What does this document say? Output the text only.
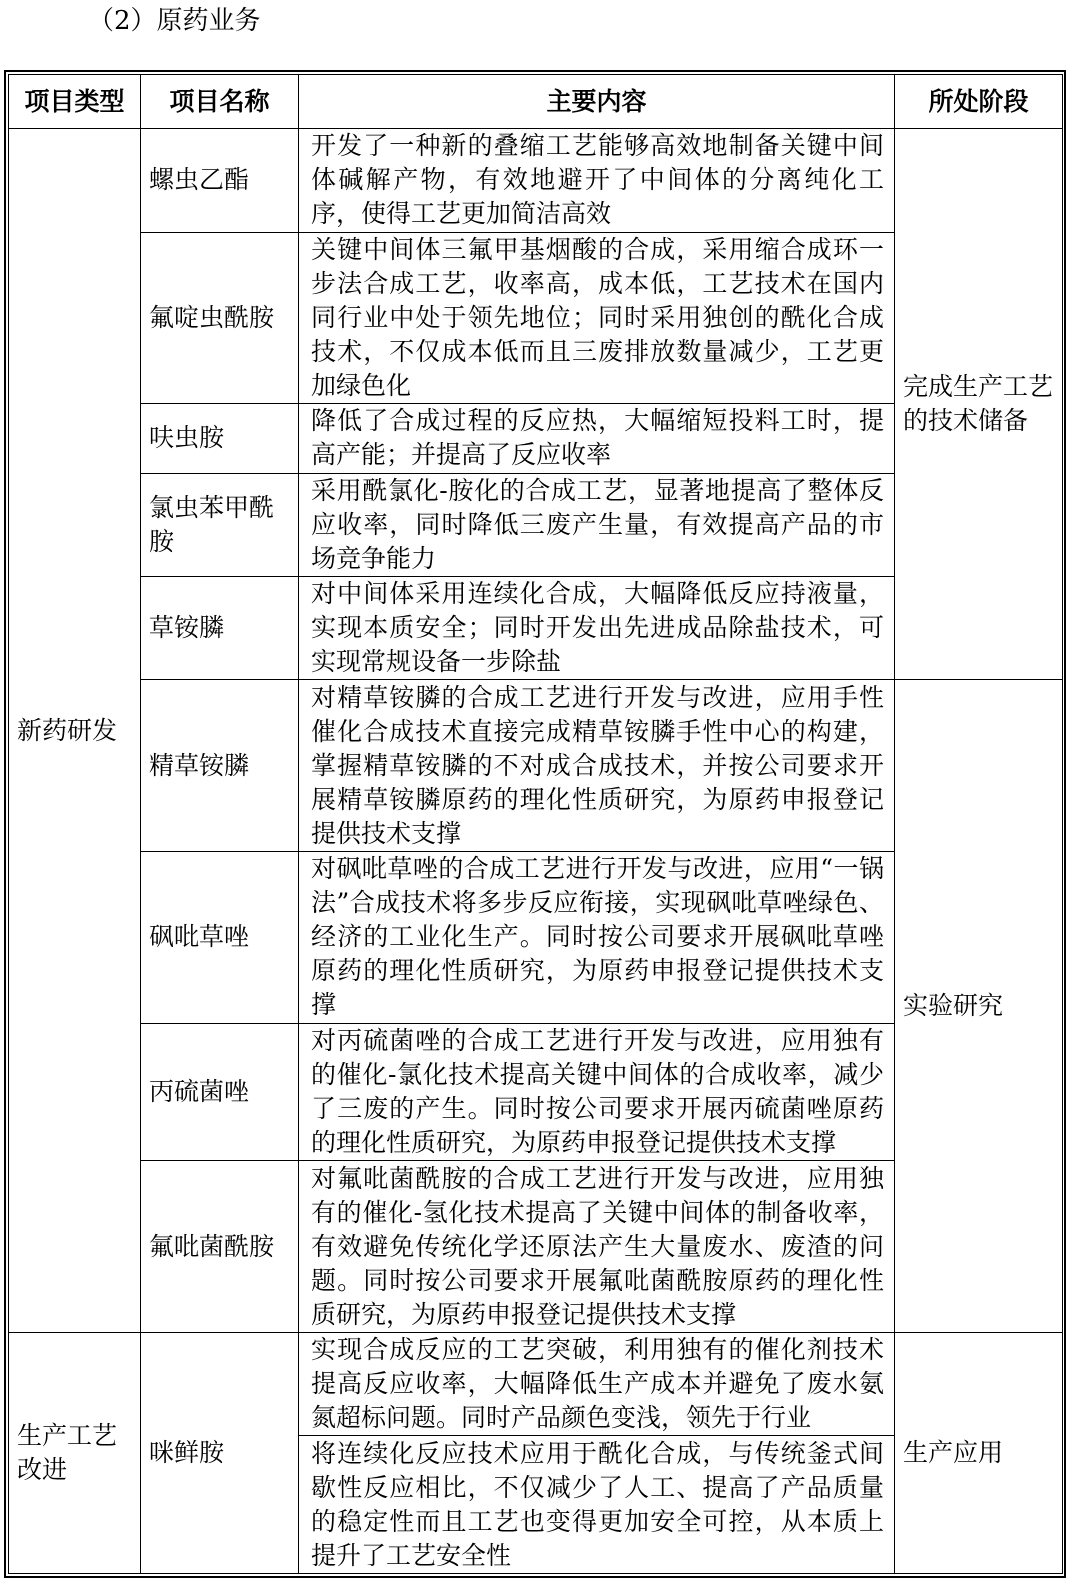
（2）原药业务
项目类型	项目名称	主要内容	所处阶段
新药研发	螺虫乙酯	开发了一种新的叠缩工艺能够高效地制备关键中间体碱解产物，有效地避开了中间体的分离纯化工序，使得工艺更加简洁高效	完成生产工艺的技术储备
	氟啶虫酰胺	关键中间体三氟甲基烟酸的合成，采用缩合成环一步法合成工艺，收率高，成本低，工艺技术在国内同行业中处于领先地位；同时采用独创的酰化合成技术，不仅成本低而且三废排放数量减少，工艺更加绿色化	
	呋虫胺	降低了合成过程的反应热，大幅缩短投料工时，提高产能；并提高了反应收率	
	氯虫苯甲酰胺	采用酰氯化-胺化的合成工艺，显著地提高了整体反应收率，同时降低三废产生量，有效提高产品的市场竞争能力	
	草铵膦	对中间体采用连续化合成，大幅降低反应持液量，实现本质安全；同时开发出先进成品除盐技术，可实现常规设备一步除盐	
	精草铵膦	对精草铵膦的合成工艺进行开发与改进，应用手性催化合成技术直接完成精草铵膦手性中心的构建，掌握精草铵膦的不对成合成技术，并按公司要求开展精草铵膦原药的理化性质研究，为原药申报登记提供技术支撑	实验研究
	砜吡草唑	对砜吡草唑的合成工艺进行开发与改进，应用“一锅法”合成技术将多步反应衔接，实现砜吡草唑绿色、经济的工业化生产。同时按公司要求开展砜吡草唑原药的理化性质研究，为原药申报登记提供技术支撑	
	丙硫菌唑	对丙硫菌唑的合成工艺进行开发与改进，应用独有的催化-氯化技术提高关键中间体的合成收率，减少了三废的产生。同时按公司要求开展丙硫菌唑原药的理化性质研究，为原药申报登记提供技术支撑	
	氟吡菌酰胺	对氟吡菌酰胺的合成工艺进行开发与改进，应用独有的催化-氢化技术提高了关键中间体的制备收率，有效避免传统化学还原法产生大量废水、废渣的问题。同时按公司要求开展氟吡菌酰胺原药的理化性质研究，为原药申报登记提供技术支撑	
生产工艺改进	咪鲜胺	实现合成反应的工艺突破，利用独有的催化剂技术提高反应收率，大幅降低生产成本并避免了废水氨氮超标问题。同时产品颜色变浅，领先于行业	生产应用
		将连续化反应技术应用于酰化合成，与传统釜式间歇性反应相比，不仅减少了人工、提高了产品质量的稳定性而且工艺也变得更加安全可控，从本质上提升了工艺安全性	
